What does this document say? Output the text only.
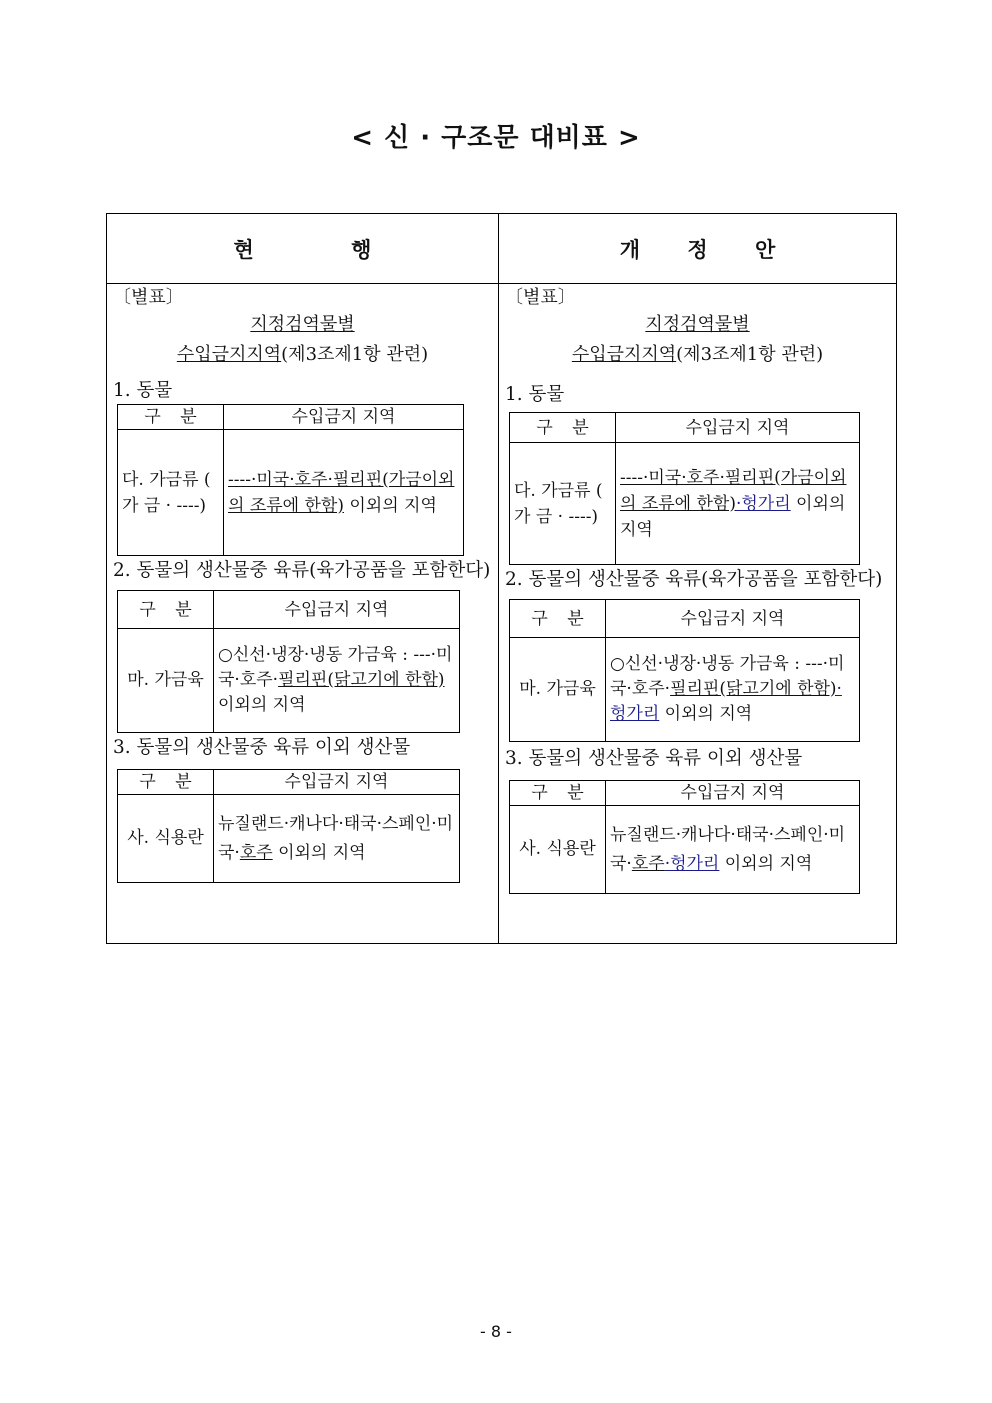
< 신 · 구조문 대비표 >
현 행	개 정 안

〔별표〕
지정검역물별
수입금지지역(제3조제1항 관련)
1. 동물
구 분	수입금지 지역
다. 가금류 ( 가 금 · ----)	----·미국·호주·필리핀(가금이외의 조류에 한함) 이외의 지역
2. 동물의 생산물중 육류(육가공품을 포함한다)
구 분	수입금지 지역
마. 가금육	○신선·냉장·냉동 가금육 : ---·미국·호주·필리핀(닭고기에 한함) 이외의 지역
3. 동물의 생산물중 육류 이외 생산물
구 분	수입금지 지역
사. 식용란	뉴질랜드·캐나다·태국·스페인·미국·호주 이외의 지역

〔별표〕
지정검역물별
수입금지지역(제3조제1항 관련)
1. 동물
구 분	수입금지 지역
다. 가금류 ( 가 금 · ----)	----·미국·호주·필리핀(가금이외의 조류에 한함)·헝가리 이외의 지역
2. 동물의 생산물중 육류(육가공품을 포함한다)
구 분	수입금지 지역
마. 가금육	○신선·냉장·냉동 가금육 : ---·미국·호주·필리핀(닭고기에 한함)·헝가리 이외의 지역
3. 동물의 생산물중 육류 이외 생산물
구 분	수입금지 지역
사. 식용란	뉴질랜드·캐나다·태국·스페인·미국·호주·헝가리 이외의 지역
- 8 -
